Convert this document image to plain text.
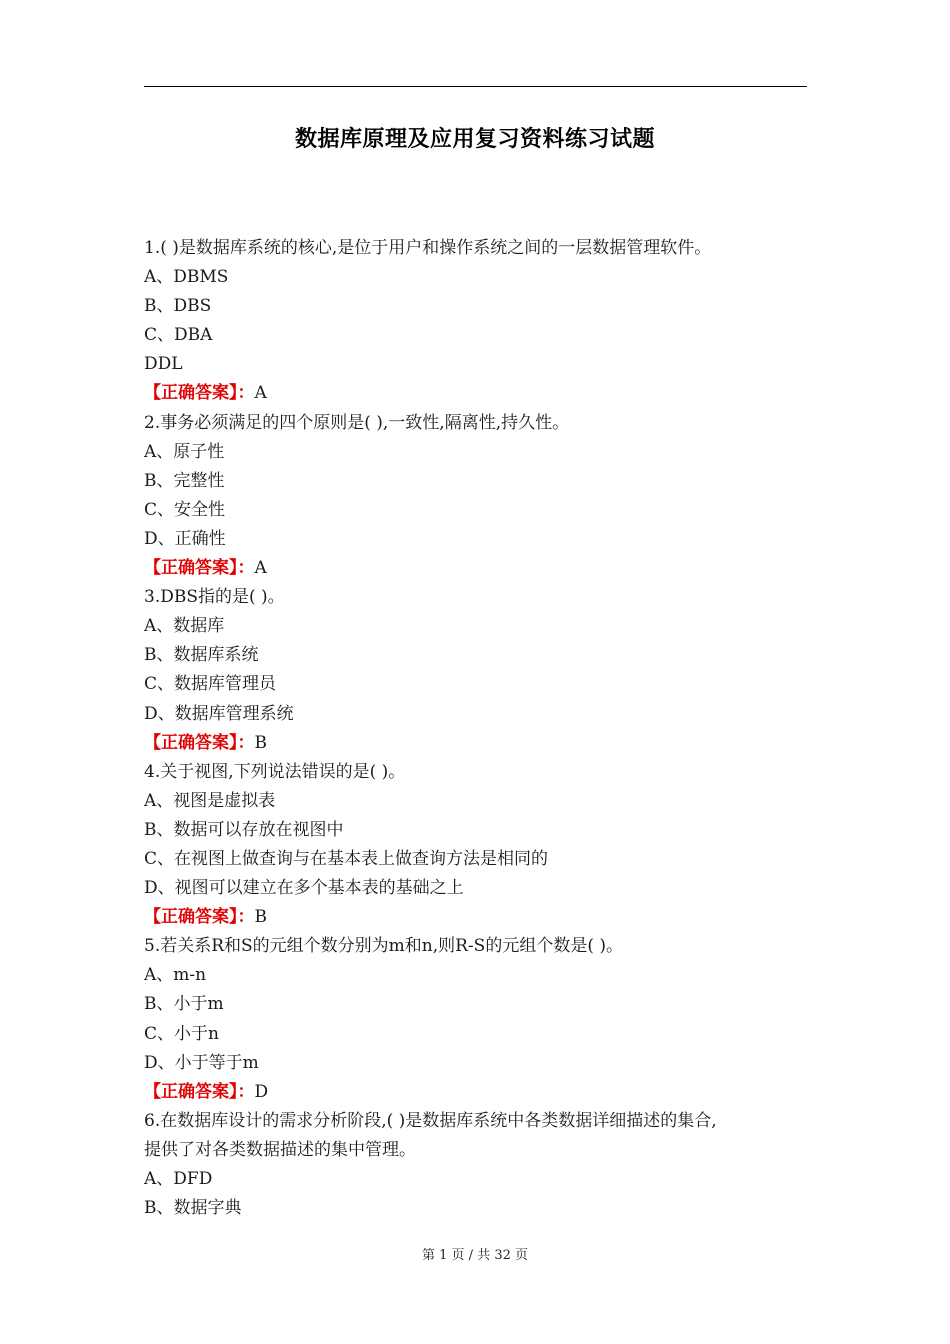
数据库原理及应用复习资料练习试题
1.( )是数据库系统的核心,是位于用户和操作系统之间的一层数据管理软件。
A、DBMS
B、DBS
C、DBA
DDL
【正确答案】：A
2.事务必须满足的四个原则是( ),一致性,隔离性,持久性。
A、原子性
B、完整性
C、安全性
D、正确性
【正确答案】：A
3.DBS指的是( )。
A、数据库
B、数据库系统
C、数据库管理员
D、数据库管理系统
【正确答案】：B
4.关于视图,下列说法错误的是( )。
A、视图是虚拟表
B、数据可以存放在视图中
C、在视图上做查询与在基本表上做查询方法是相同的
D、视图可以建立在多个基本表的基础之上
【正确答案】：B
5.若关系R和S的元组个数分别为m和n,则R-S的元组个数是( )。
A、m-n
B、小于m
C、小于n
D、小于等于m
【正确答案】：D
6.在数据库设计的需求分析阶段,( )是数据库系统中各类数据详细描述的集合,
提供了对各类数据描述的集中管理。
A、DFD
B、数据字典
第 1 页 / 共 32 页
